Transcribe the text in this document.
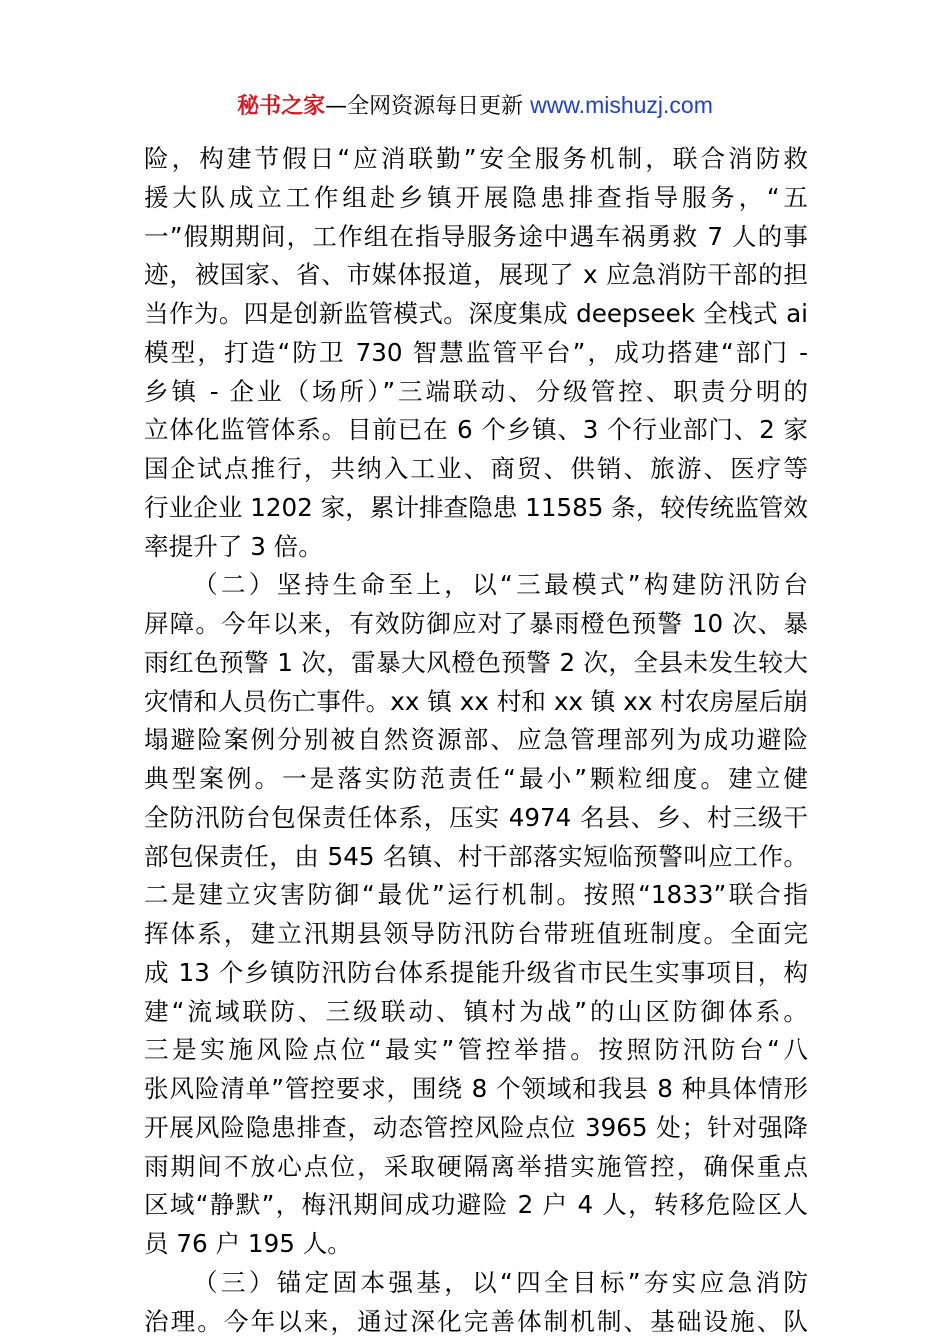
秘书之家—全网资源每日更新 www.mishuzj.com
险，构建节假日“应消联勤”安全服务机制，联合消防救
援大队成立工作组赴乡镇开展隐患排查指导服务，“五
一”假期期间，工作组在指导服务途中遇车祸勇救 7 人的事
迹，被国家、省、市媒体报道，展现了 x 应急消防干部的担
当作为。四是创新监管模式。深度集成 deepseek 全栈式 ai
模型，打造“防卫 730 智慧监管平台”，成功搭建“部门 -
乡镇 - 企业（场所）”三端联动、分级管控、职责分明的
立体化监管体系。目前已在 6 个乡镇、3 个行业部门、2 家
国企试点推行，共纳入工业、商贸、供销、旅游、医疗等
行业企业 1202 家，累计排查隐患 11585 条，较传统监管效
率提升了 3 倍。
（二）坚持生命至上，以“三最模式”构建防汛防台
屏障。今年以来，有效防御应对了暴雨橙色预警 10 次、暴
雨红色预警 1 次，雷暴大风橙色预警 2 次，全县未发生较大
灾情和人员伤亡事件。xx 镇 xx 村和 xx 镇 xx 村农房屋后崩
塌避险案例分别被自然资源部、应急管理部列为成功避险
典型案例。一是落实防范责任“最小”颗粒细度。建立健
全防汛防台包保责任体系，压实 4974 名县、乡、村三级干
部包保责任，由 545 名镇、村干部落实短临预警叫应工作。
二是建立灾害防御“最优”运行机制。按照“1833”联合指
挥体系，建立汛期县领导防汛防台带班值班制度。全面完
成 13 个乡镇防汛防台体系提能升级省市民生实事项目，构
建“流域联防、三级联动、镇村为战”的山区防御体系。
三是实施风险点位“最实”管控举措。按照防汛防台“八
张风险清单”管控要求，围绕 8 个领域和我县 8 种具体情形
开展风险隐患排查，动态管控风险点位 3965 处；针对强降
雨期间不放心点位，采取硬隔离举措实施管控，确保重点
区域“静默”，梅汛期间成功避险 2 户 4 人，转移危险区人
员 76 户 195 人。
（三）锚定固本强基，以“四全目标”夯实应急消防
治理。今年以来，通过深化完善体制机制、基础设施、队
